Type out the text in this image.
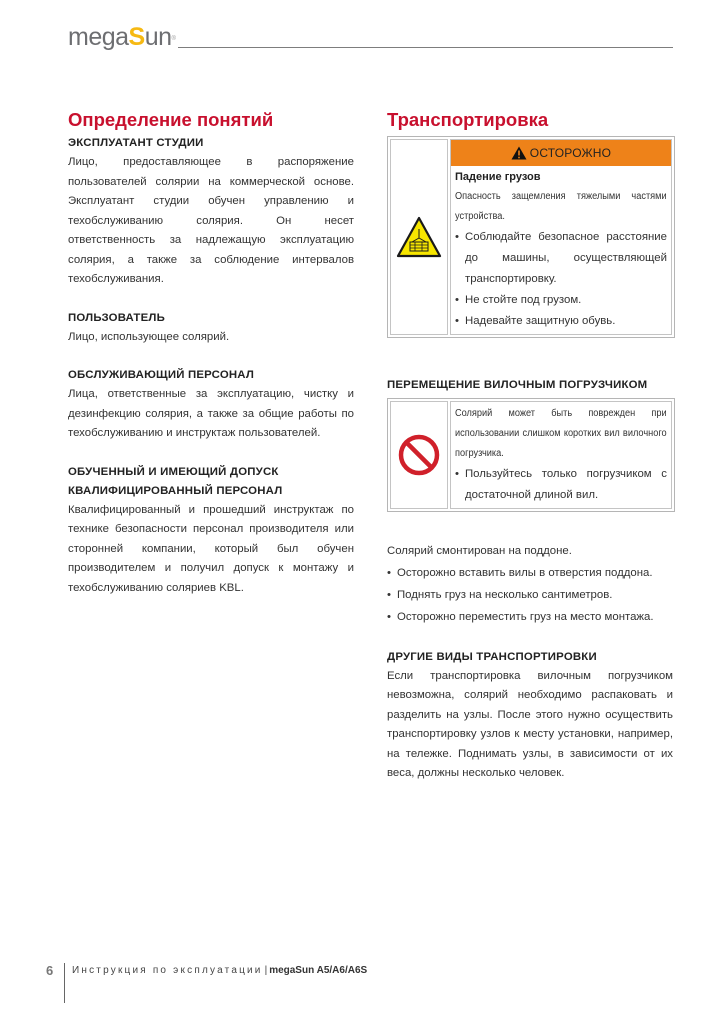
megaSun®
Определение понятий
ЭКСПЛУАТАНТ СТУДИИ
Лицо, предоставляющее в распоряжение пользователей солярии на коммерческой основе. Эксплуатант студии обучен управлению и техобслуживанию солярия. Он несет ответственность за надлежащую эксплуатацию солярия, а также за соблюдение интервалов техобслуживания.
ПОЛЬЗОВАТЕЛЬ
Лицо, использующее солярий.
ОБСЛУЖИВАЮЩИЙ ПЕРСОНАЛ
Лица, ответственные за эксплуатацию, чистку и дезинфекцию солярия, а также за общие работы по техобслуживанию и инструктаж пользователей.
ОБУЧЕННЫЙ И ИМЕЮЩИЙ ДОПУСК КВАЛИФИЦИРОВАННЫЙ ПЕРСОНАЛ
Квалифицированный и прошедший инструктаж по технике безопасности персонал производителя или сторонней компании, который был обучен производителем и получил допуск к монтажу и техобслуживанию соляриев KBL.
Транспортировка
ОСТОРОЖНО
Падение грузов
Опасность защемления тяжелыми частями устройства.
• Соблюдайте безопасное расстояние до машины, осуществляющей транспортировку.
• Не стойте под грузом.
• Надевайте защитную обувь.
ПЕРЕМЕЩЕНИЕ ВИЛОЧНЫМ ПОГРУЗЧИКОМ
Солярий может быть поврежден при использовании слишком коротких вил вилочного погрузчика.
• Пользуйтесь только погрузчиком с достаточной длиной вил.
Солярий смонтирован на поддоне.
• Осторожно вставить вилы в отверстия поддона.
• Поднять груз на несколько сантиметров.
• Осторожно переместить груз на место монтажа.
ДРУГИЕ ВИДЫ ТРАНСПОРТИРОВКИ
Если транспортировка вилочным погрузчиком невозможна, солярий необходимо распаковать и разделить на узлы. После этого нужно осуществить транспортировку узлов к месту установки, например, на тележке. Поднимать узлы, в зависимости от их веса, должны несколько человек.
6 Инструкция по эксплуатации | megaSun A5/A6/A6S
